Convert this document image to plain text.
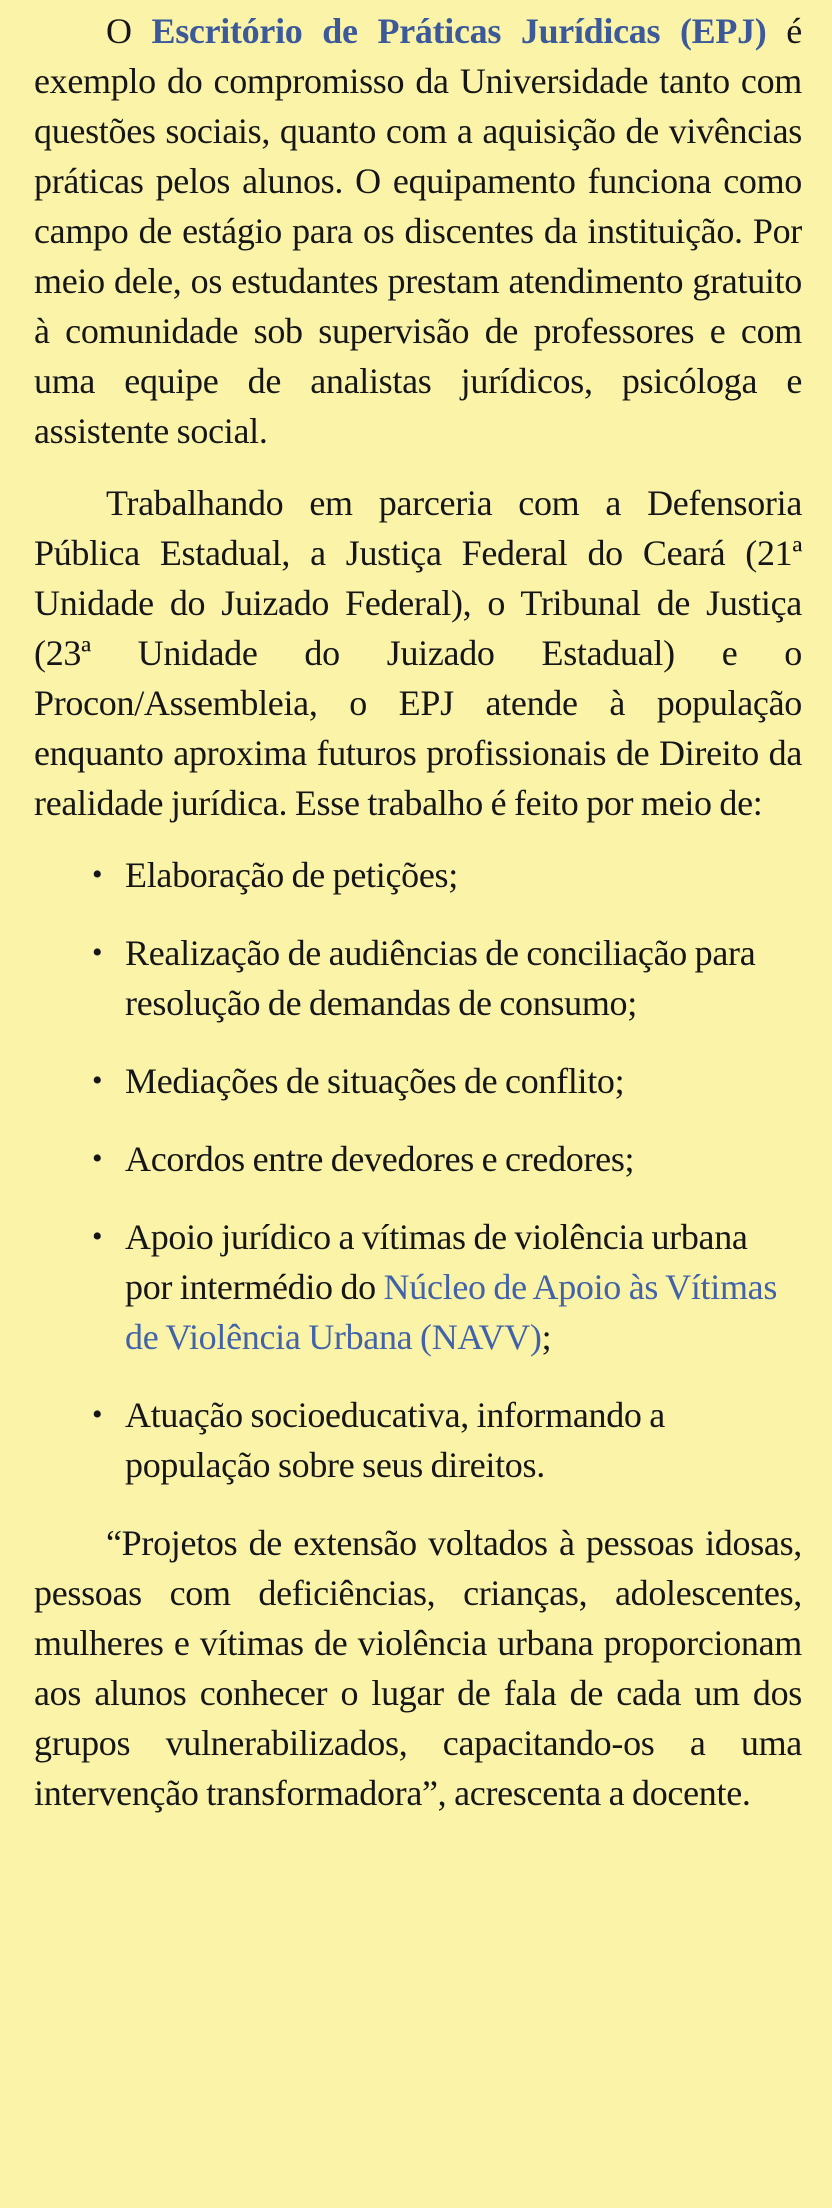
O Escritório de Práticas Jurídicas (EPJ) é exemplo do compromisso da Universidade tanto com questões sociais, quanto com a aquisição de vivências práticas pelos alunos. O equipamento funciona como campo de estágio para os discentes da instituição. Por meio dele, os estudantes prestam atendimento gratuito à comunidade sob supervisão de professores e com uma equipe de analistas jurídicos, psicóloga e assistente social.

Trabalhando em parceria com a Defensoria Pública Estadual, a Justiça Federal do Ceará (21ª Unidade do Juizado Federal), o Tribunal de Justiça (23ª Unidade do Juizado Estadual) e o Procon/Assembleia, o EPJ atende à população enquanto aproxima futuros profissionais de Direito da realidade jurídica. Esse trabalho é feito por meio de:

• Elaboração de petições;
• Realização de audiências de conciliação para resolução de demandas de consumo;
• Mediações de situações de conflito;
• Acordos entre devedores e credores;
• Apoio jurídico a vítimas de violência urbana por intermédio do Núcleo de Apoio às Vítimas de Violência Urbana (NAVV);
• Atuação socioeducativa, informando a população sobre seus direitos.

“Projetos de extensão voltados à pessoas idosas, pessoas com deficiências, crianças, adolescentes, mulheres e vítimas de violência urbana proporcionam aos alunos conhecer o lugar de fala de cada um dos grupos vulnerabilizados, capacitando-os a uma intervenção transformadora”, acrescenta a docente.
